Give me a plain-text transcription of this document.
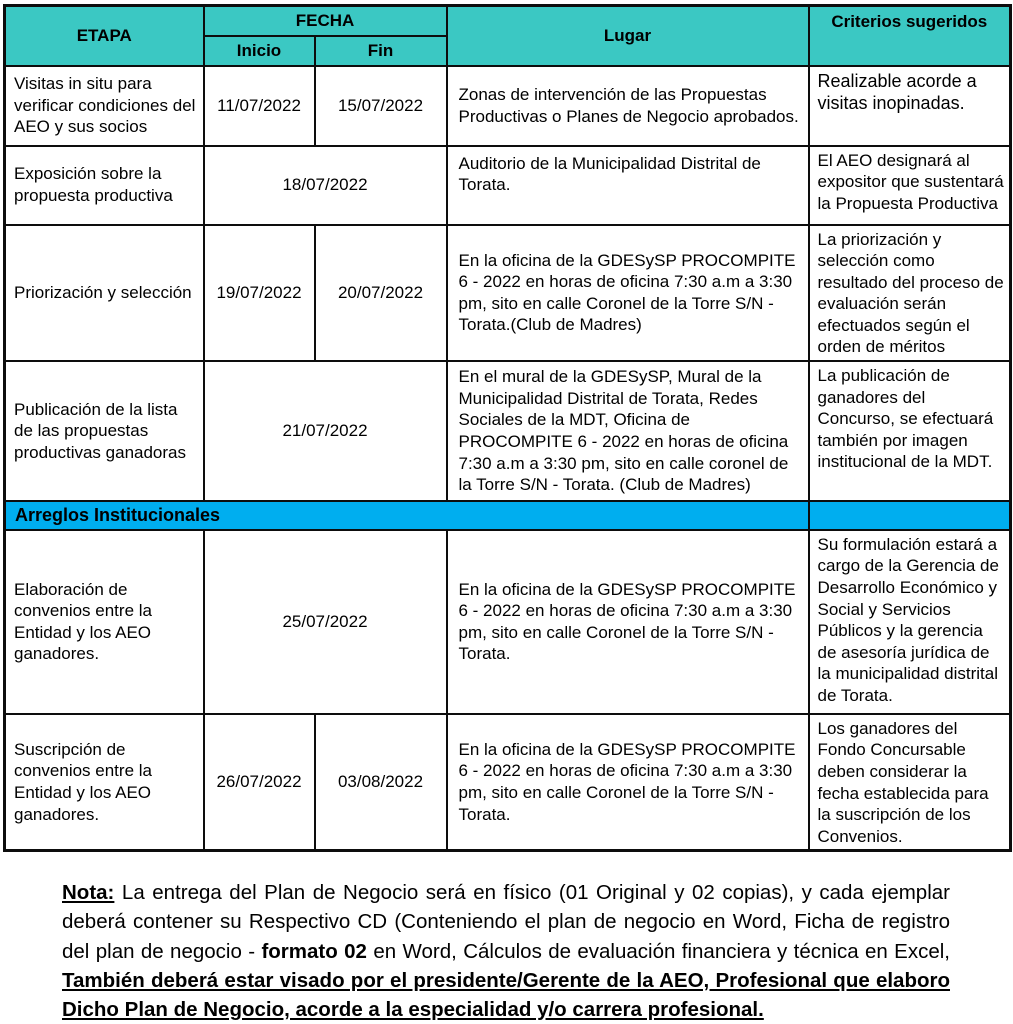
ETAPA	FECHA		Lugar	Criterios sugeridos
	Inicio	Fin		
Visitas in situ para verificar condiciones del AEO y sus socios	11/07/2022	15/07/2022	Zonas de intervención de las Propuestas Productivas o Planes de Negocio aprobados.	Realizable acorde a visitas inopinadas.
Exposición sobre la propuesta productiva	18/07/2022		Auditorio de la Municipalidad Distrital de Torata.	El AEO designará al expositor que sustentará la Propuesta Productiva
Priorización y selección	19/07/2022	20/07/2022	En la oficina de la GDESySP PROCOMPITE 6 - 2022 en horas de oficina 7:30 a.m a 3:30 pm, sito en calle Coronel de la Torre S/N - Torata.(Club de Madres)	La priorización y selección como resultado del proceso de evaluación serán efectuados según el orden de méritos
Publicación de la lista de las propuestas productivas ganadoras	21/07/2022		En el mural de la GDESySP, Mural de la Municipalidad Distrital de Torata, Redes Sociales de la MDT, Oficina de PROCOMPITE 6 - 2022 en horas de oficina 7:30 a.m a 3:30 pm, sito en calle coronel de la Torre S/N - Torata. (Club de Madres)	La publicación de ganadores del Concurso, se efectuará también por imagen institucional de la MDT.
Arreglos Institucionales				
Elaboración de convenios entre la Entidad y los AEO ganadores.	25/07/2022		En la oficina de la GDESySP PROCOMPITE 6 - 2022 en horas de oficina 7:30 a.m a 3:30 pm, sito en calle Coronel de la Torre S/N - Torata.	Su formulación estará a cargo de la Gerencia de Desarrollo Económico y Social y Servicios Públicos y la gerencia de asesoría jurídica de la municipalidad distrital de Torata.
Suscripción de convenios entre la Entidad y los AEO ganadores.	26/07/2022	03/08/2022	En la oficina de la GDESySP PROCOMPITE 6 - 2022 en horas de oficina 7:30 a.m a 3:30 pm, sito en calle Coronel de la Torre S/N - Torata.	Los ganadores del Fondo Concursable deben considerar la fecha establecida para la suscripción de los Convenios.
Nota: La entrega del Plan de Negocio será en físico (01 Original y 02 copias), y cada ejemplar deberá contener su Respectivo CD (Conteniendo el plan de negocio en Word, Ficha de registro del plan de negocio - formato 02 en Word, Cálculos de evaluación financiera y técnica en Excel, También deberá estar visado por el presidente/Gerente de la AEO, Profesional que elaboro Dicho Plan de Negocio, acorde a la especialidad y/o carrera profesional.
